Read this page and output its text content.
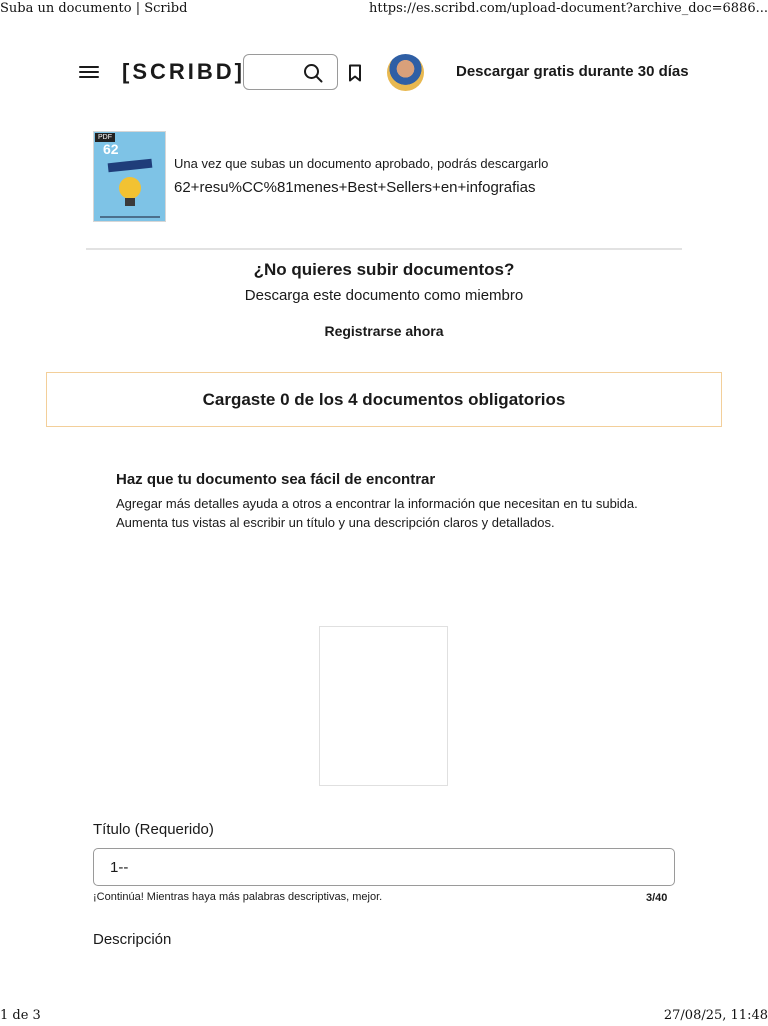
Suba un documento | Scribd	https://es.scribd.com/upload-document?archive_doc=6886...
[SCRIBD]	Descargar gratis durante 30 días
PDF
62
Una vez que subas un documento aprobado, podrás descargarlo
62+resu%CC%81menes+Best+Sellers+en+infografias
¿No quieres subir documentos?
Descarga este documento como miembro
Registrarse ahora
Cargaste 0 de los 4 documentos obligatorios
Haz que tu documento sea fácil de encontrar
Agregar más detalles ayuda a otros a encontrar la información que necesitan en tu subida.
Aumenta tus vistas al escribir un título y una descripción claros y detallados.
Título (Requerido)
1--
¡Continúa! Mientras haya más palabras descriptivas, mejor.	3/40
Descripción
1 de 3	27/08/25, 11:48
